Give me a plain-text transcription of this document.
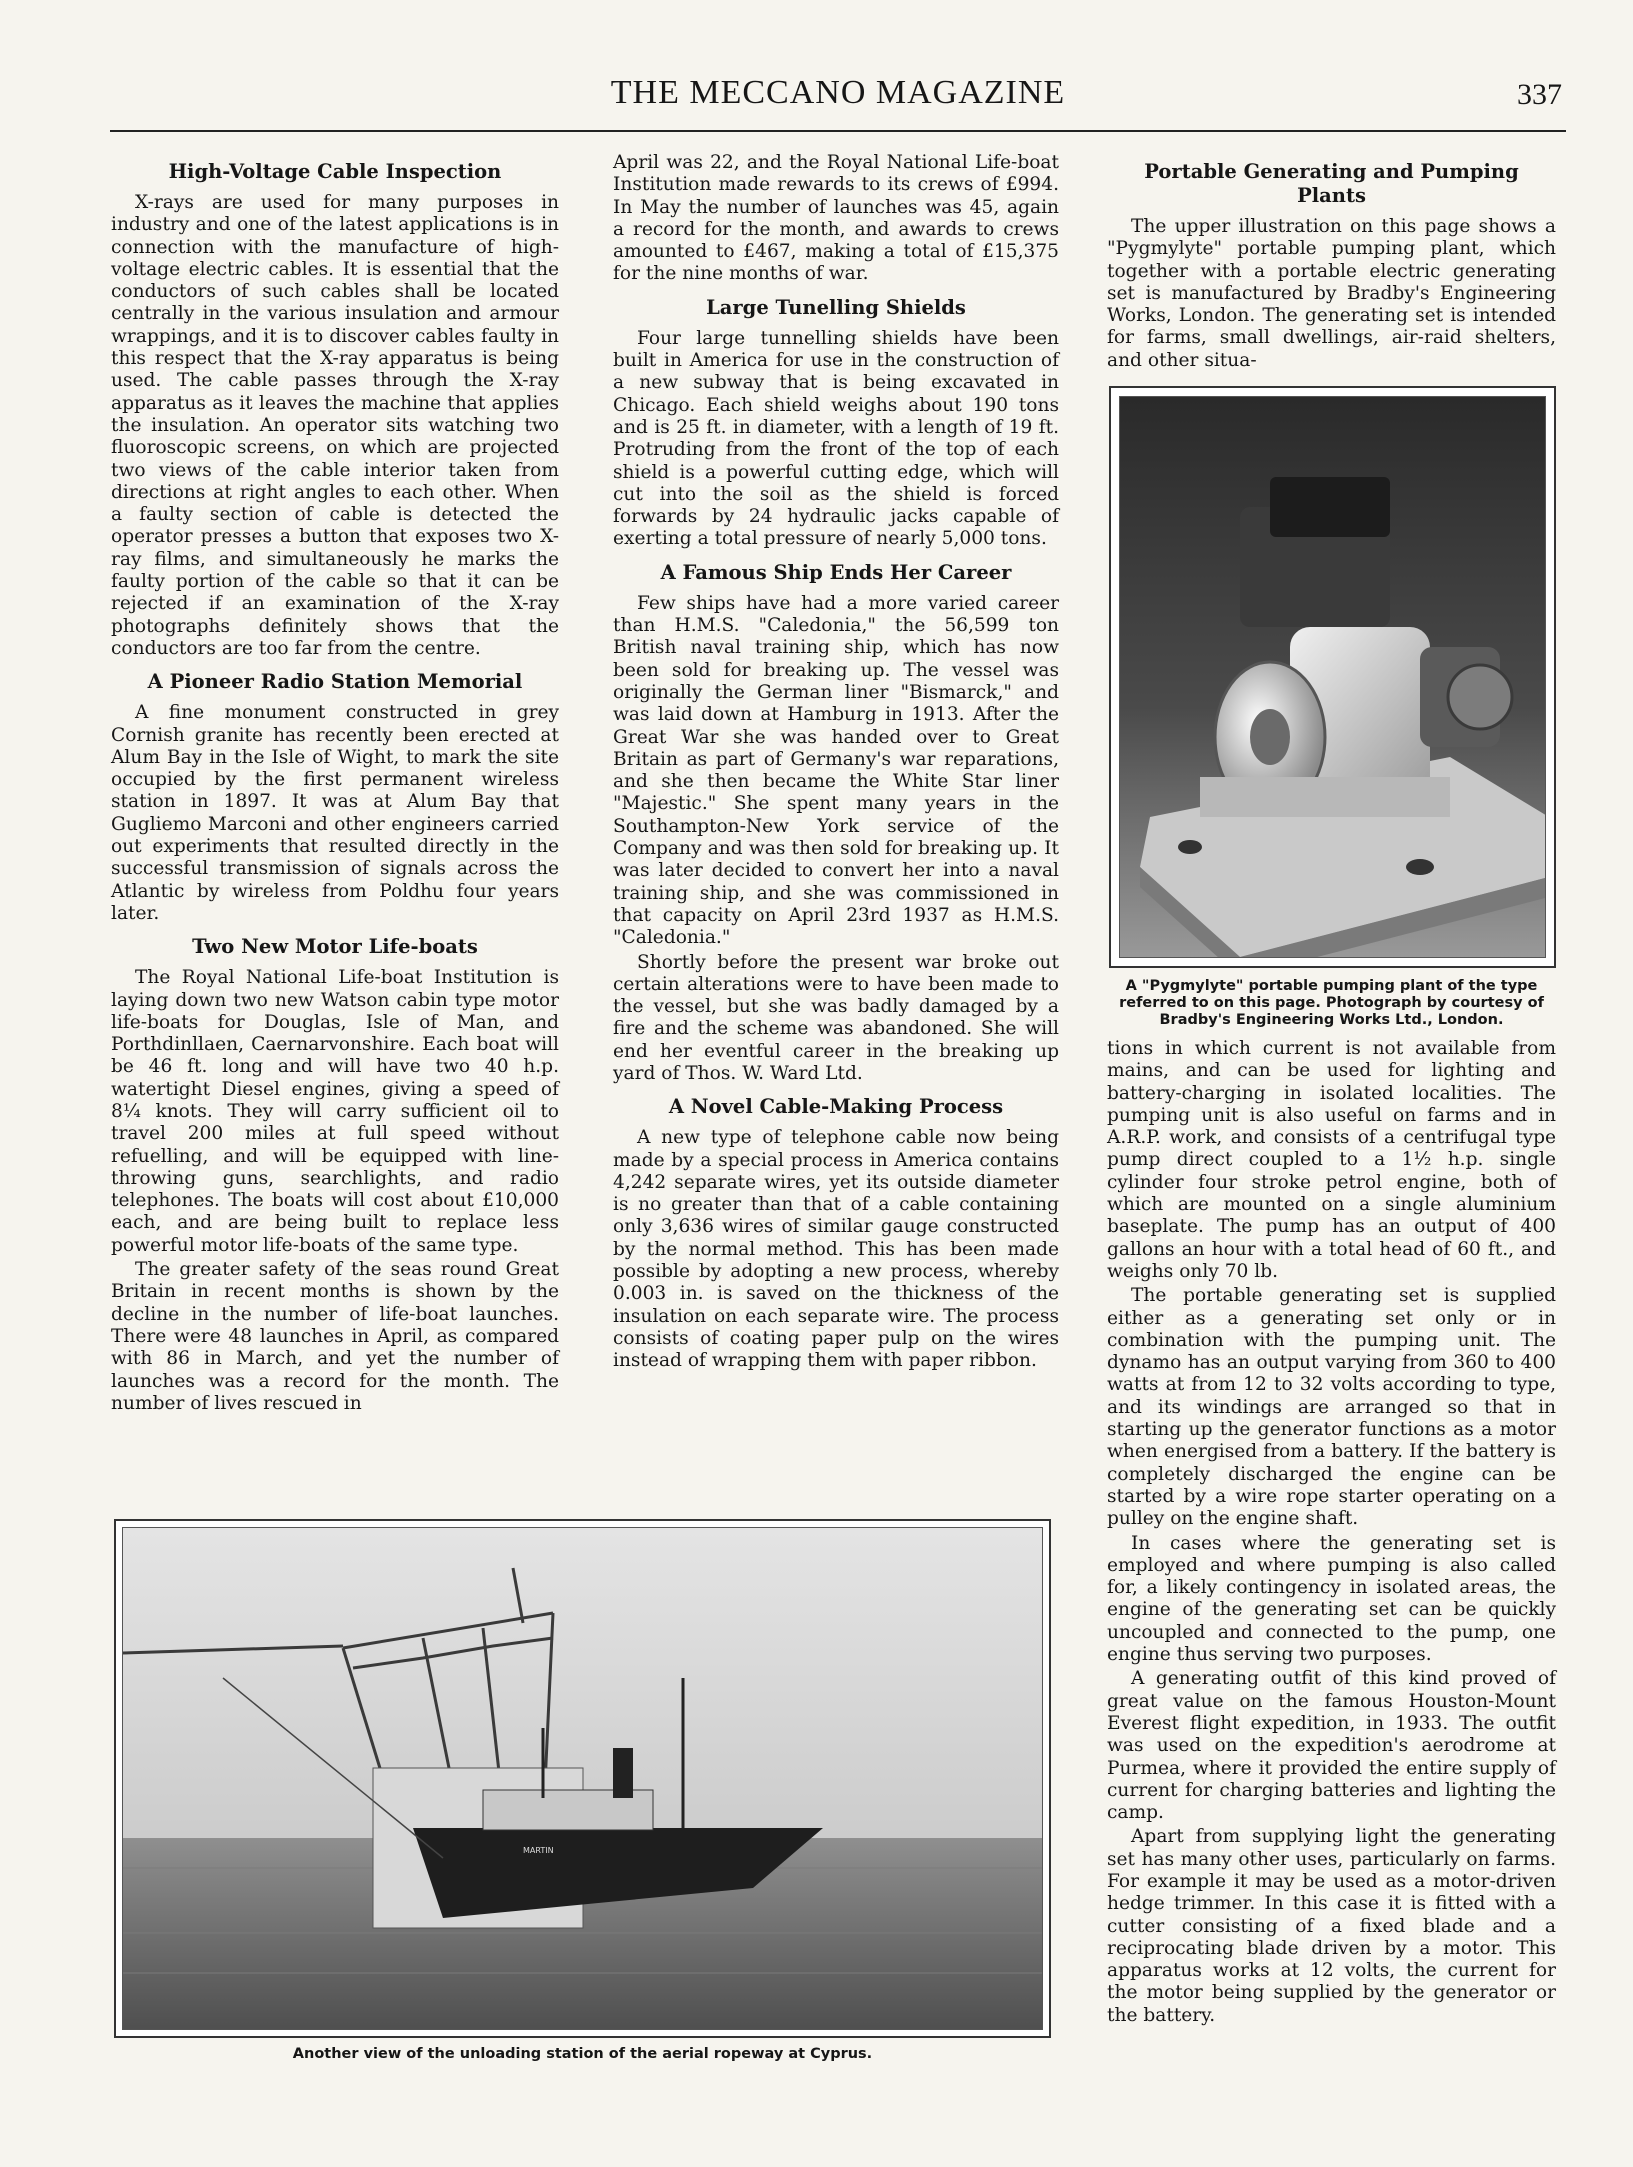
THE MECCANO MAGAZINE	337
High-Voltage Cable Inspection

X-rays are used for many purposes in industry and one of the latest applications is in connection with the manufacture of high-voltage electric cables. It is essential that the conductors of such cables shall be located centrally in the various insulation and armour wrappings, and it is to discover cables faulty in this respect that the X-ray apparatus is being used. The cable passes through the X-ray apparatus as it leaves the machine that applies the insulation. An operator sits watching two fluoroscopic screens, on which are projected two views of the cable interior taken from directions at right angles to each other. When a faulty section of cable is detected the operator presses a button that exposes two X-ray films, and simultaneously he marks the faulty portion of the cable so that it can be rejected if an examination of the X-ray photographs definitely shows that the conductors are too far from the centre.

A Pioneer Radio Station Memorial

A fine monument constructed in grey Cornish granite has recently been erected at Alum Bay in the Isle of Wight, to mark the site occupied by the first permanent wireless station in 1897. It was at Alum Bay that Gugliemo Marconi and other engineers carried out experiments that resulted directly in the successful transmission of signals across the Atlantic by wireless from Poldhu four years later.

Two New Motor Life-boats

The Royal National Life-boat Institution is laying down two new Watson cabin type motor life-boats for Douglas, Isle of Man, and Porthdinllaen, Caernarvonshire. Each boat will be 46 ft. long and will have two 40 h.p. watertight Diesel engines, giving a speed of 8¼ knots. They will carry sufficient oil to travel 200 miles at full speed without refuelling, and will be equipped with line-throwing guns, searchlights, and radio telephones. The boats will cost about £10,000 each, and are being built to replace less powerful motor life-boats of the same type.

The greater safety of the seas round Great Britain in recent months is shown by the decline in the number of life-boat launches. There were 48 launches in April, as compared with 86 in March, and yet the number of launches was a record for the month. The number of lives rescued in

April was 22, and the Royal National Life-boat Institution made rewards to its crews of £994. In May the number of launches was 45, again a record for the month, and awards to crews amounted to £467, making a total of £15,375 for the nine months of war.

Large Tunelling Shields

Four large tunnelling shields have been built in America for use in the construction of a new subway that is being excavated in Chicago. Each shield weighs about 190 tons and is 25 ft. in diameter, with a length of 19 ft. Protruding from the front of the top of each shield is a powerful cutting edge, which will cut into the soil as the shield is forced forwards by 24 hydraulic jacks capable of exerting a total pressure of nearly 5,000 tons.

A Famous Ship Ends Her Career

Few ships have had a more varied career than H.M.S. "Caledonia," the 56,599 ton British naval training ship, which has now been sold for breaking up. The vessel was originally the German liner "Bismarck," and was laid down at Hamburg in 1913. After the Great War she was handed over to Great Britain as part of Germany's war reparations, and she then became the White Star liner "Majestic." She spent many years in the Southampton-New York service of the Company and was then sold for breaking up. It was later decided to convert her into a naval training ship, and she was commissioned in that capacity on April 23rd 1937 as H.M.S. "Caledonia."

Shortly before the present war broke out certain alterations were to have been made to the vessel, but she was badly damaged by a fire and the scheme was abandoned. She will end her eventful career in the breaking up yard of Thos. W. Ward Ltd.

A Novel Cable-Making Process

A new type of telephone cable now being made by a special process in America contains 4,242 separate wires, yet its outside diameter is no greater than that of a cable containing only 3,636 wires of similar gauge constructed by the normal method. This has been made possible by adopting a new process, whereby 0.003 in. is saved on the thickness of the insulation on each separate wire. The process consists of coating paper pulp on the wires instead of wrapping them with paper ribbon.

Portable Generating and Pumping Plants

The upper illustration on this page shows a "Pygmylyte" portable pumping plant, which together with a portable electric generating set is manufactured by Bradby's Engineering Works, London. The generating set is intended for farms, small dwellings, air-raid shelters, and other situa-

A "Pygmylyte" portable pumping plant of the type referred to on this page. Photograph by courtesy of Bradby's Engineering Works Ltd., London.

tions in which current is not available from mains, and can be used for lighting and battery-charging in isolated localities. The pumping unit is also useful on farms and in A.R.P. work, and consists of a centrifugal type pump direct coupled to a 1½ h.p. single cylinder four stroke petrol engine, both of which are mounted on a single aluminium baseplate. The pump has an output of 400 gallons an hour with a total head of 60 ft., and weighs only 70 lb.

The portable generating set is supplied either as a generating set only or in combination with the pumping unit. The dynamo has an output varying from 360 to 400 watts at from 12 to 32 volts according to type, and its windings are arranged so that in starting up the generator functions as a motor when energised from a battery. If the battery is completely discharged the engine can be started by a wire rope starter operating on a pulley on the engine shaft.

In cases where the generating set is employed and where pumping is also called for, a likely contingency in isolated areas, the engine of the generating set can be quickly uncoupled and connected to the pump, one engine thus serving two purposes.

A generating outfit of this kind proved of great value on the famous Houston-Mount Everest flight expedition, in 1933. The outfit was used on the expedition's aerodrome at Purmea, where it provided the entire supply of current for charging batteries and lighting the camp.

Apart from supplying light the generating set has many other uses, particularly on farms. For example it may be used as a motor-driven hedge trimmer. In this case it is fitted with a cutter consisting of a fixed blade and a reciprocating blade driven by a motor. This apparatus works at 12 volts, the current for the motor being supplied by the generator or the battery.

MARTIN
Another view of the unloading station of the aerial ropeway at Cyprus.
